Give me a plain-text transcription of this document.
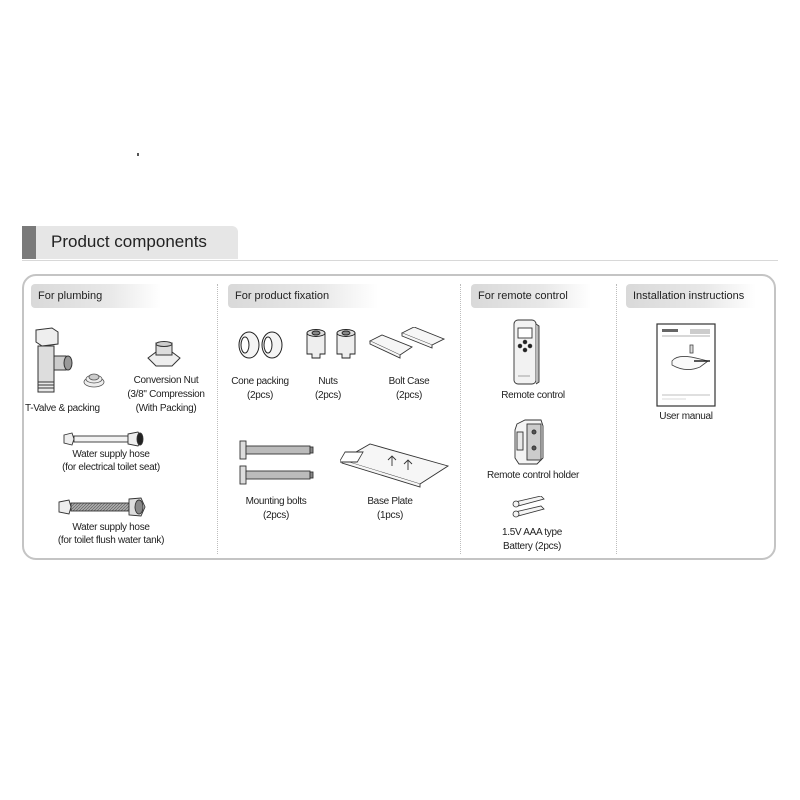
Product components
For plumbing	For product fixation	For remote control	Installation instructions
T-Valve & packing
Conversion Nut
(3/8" Compression
(With Packing)
Water supply hose
(for electrical toilet seat)
Water supply hose
(for toilet flush water tank)
Cone packing
(2pcs)
Nuts
(2pcs)
Bolt Case
(2pcs)
Mounting bolts
(2pcs)
Base Plate
(1pcs)
Remote control
Remote control holder
1.5V AAA type
Battery (2pcs)
User manual
